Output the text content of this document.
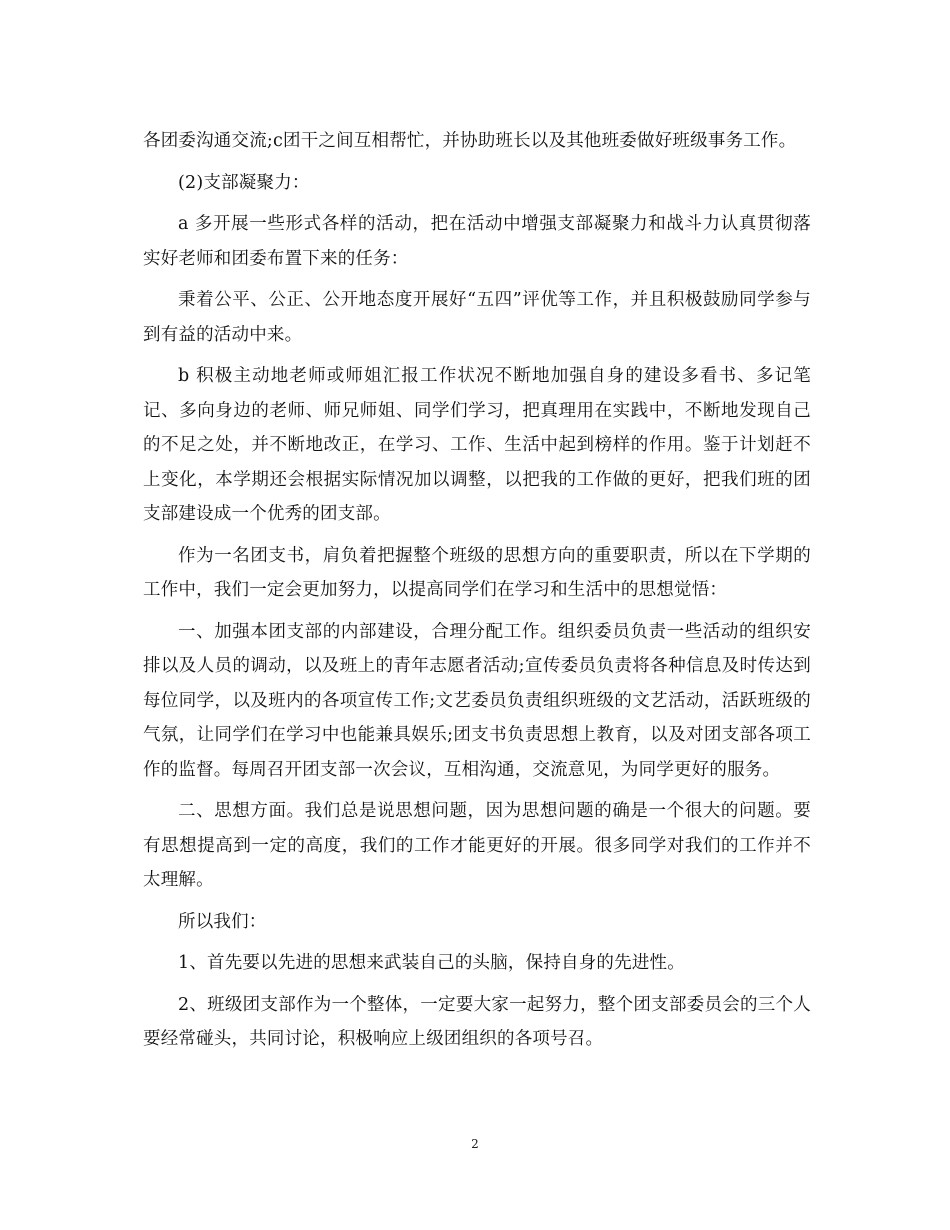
各团委沟通交流;c团干之间互相帮忙，并协助班长以及其他班委做好班级事务工作。

(2)支部凝聚力：

a 多开展一些形式各样的活动，把在活动中增强支部凝聚力和战斗力认真贯彻落实好老师和团委布置下来的任务：

秉着公平、公正、公开地态度开展好“五四”评优等工作，并且积极鼓励同学参与到有益的活动中来。

b 积极主动地老师或师姐汇报工作状况不断地加强自身的建设多看书、多记笔记、多向身边的老师、师兄师姐、同学们学习，把真理用在实践中，不断地发现自己的不足之处，并不断地改正，在学习、工作、生活中起到榜样的作用。鉴于计划赶不上变化，本学期还会根据实际情况加以调整，以把我的工作做的更好，把我们班的团支部建设成一个优秀的团支部。

作为一名团支书，肩负着把握整个班级的思想方向的重要职责，所以在下学期的工作中，我们一定会更加努力，以提高同学们在学习和生活中的思想觉悟：

一、加强本团支部的内部建设，合理分配工作。组织委员负责一些活动的组织安排以及人员的调动，以及班上的青年志愿者活动;宣传委员负责将各种信息及时传达到每位同学，以及班内的各项宣传工作;文艺委员负责组织班级的文艺活动，活跃班级的气氛，让同学们在学习中也能兼具娱乐;团支书负责思想上教育，以及对团支部各项工作的监督。每周召开团支部一次会议，互相沟通，交流意见，为同学更好的服务。

二、思想方面。我们总是说思想问题，因为思想问题的确是一个很大的问题。要有思想提高到一定的高度，我们的工作才能更好的开展。很多同学对我们的工作并不太理解。

所以我们：

1、首先要以先进的思想来武装自己的头脑，保持自身的先进性。

2、班级团支部作为一个整体，一定要大家一起努力，整个团支部委员会的三个人要经常碰头，共同讨论，积极响应上级团组织的各项号召。

2
